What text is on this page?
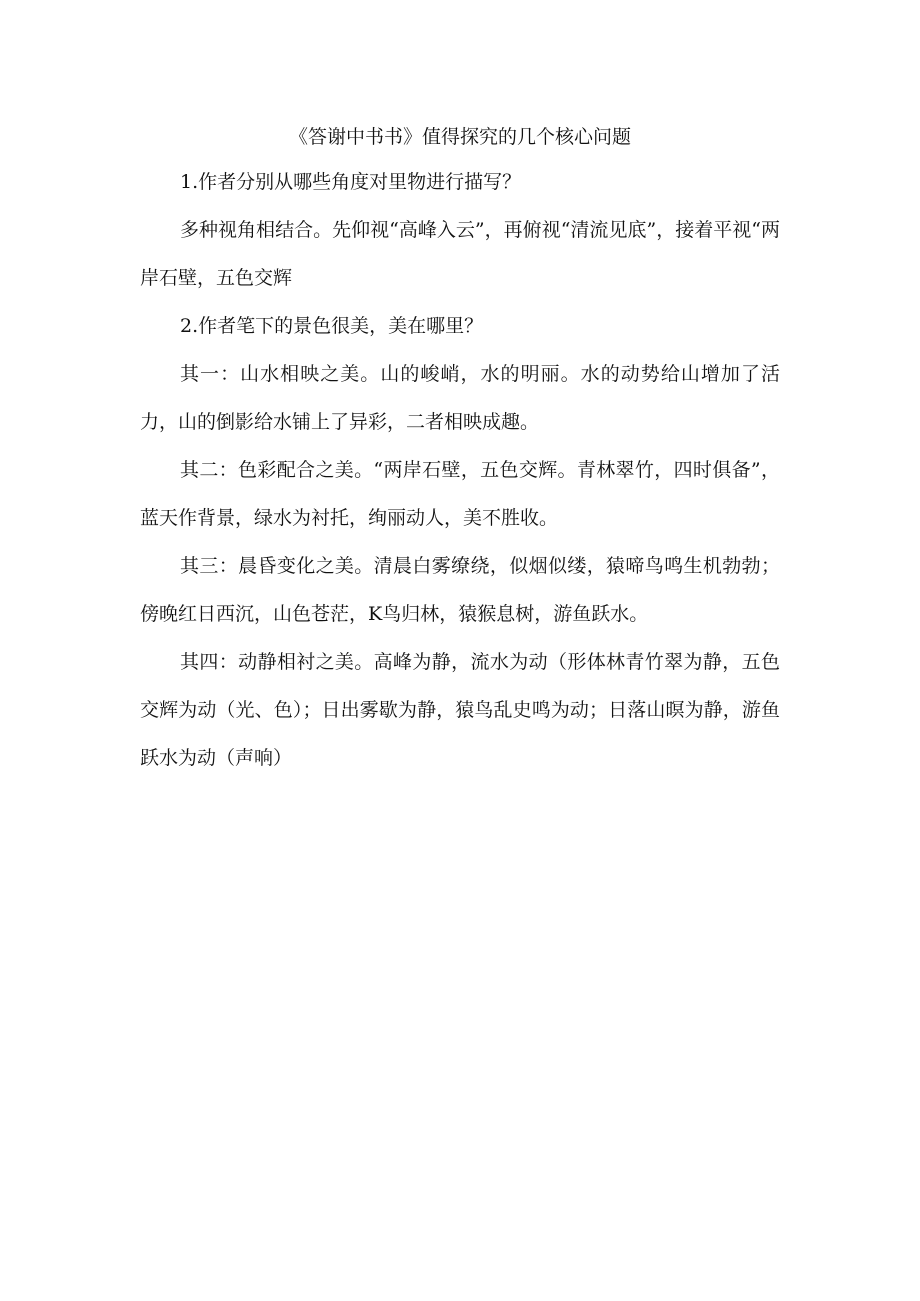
《答谢中书书》值得探究的几个核心问题

1.作者分别从哪些角度对里物进行描写？

多种视角相结合。先仰视“高峰入云”，再俯视“清流见底”，接着平视“两岸石壁，五色交辉

2.作者笔下的景色很美，美在哪里？

其一：山水相映之美。山的峻峭，水的明丽。水的动势给山增加了活力，山的倒影给水铺上了异彩，二者相映成趣。

其二：色彩配合之美。“两岸石壁，五色交辉。青林翠竹，四时俱备”，蓝天作背景，绿水为衬托，绚丽动人，美不胜收。

其三：晨昏变化之美。清晨白雾缭绕，似烟似缕，猿啼鸟鸣生机勃勃；傍晚红日西沉，山色苍茫，K鸟归林，猿猴息树，游鱼跃水。

其四：动静相衬之美。高峰为静，流水为动（形体林青竹翠为静，五色交辉为动（光、色）；日出雾歇为静，猿鸟乱史鸣为动；日落山暝为静，游鱼跃水为动（声响）
